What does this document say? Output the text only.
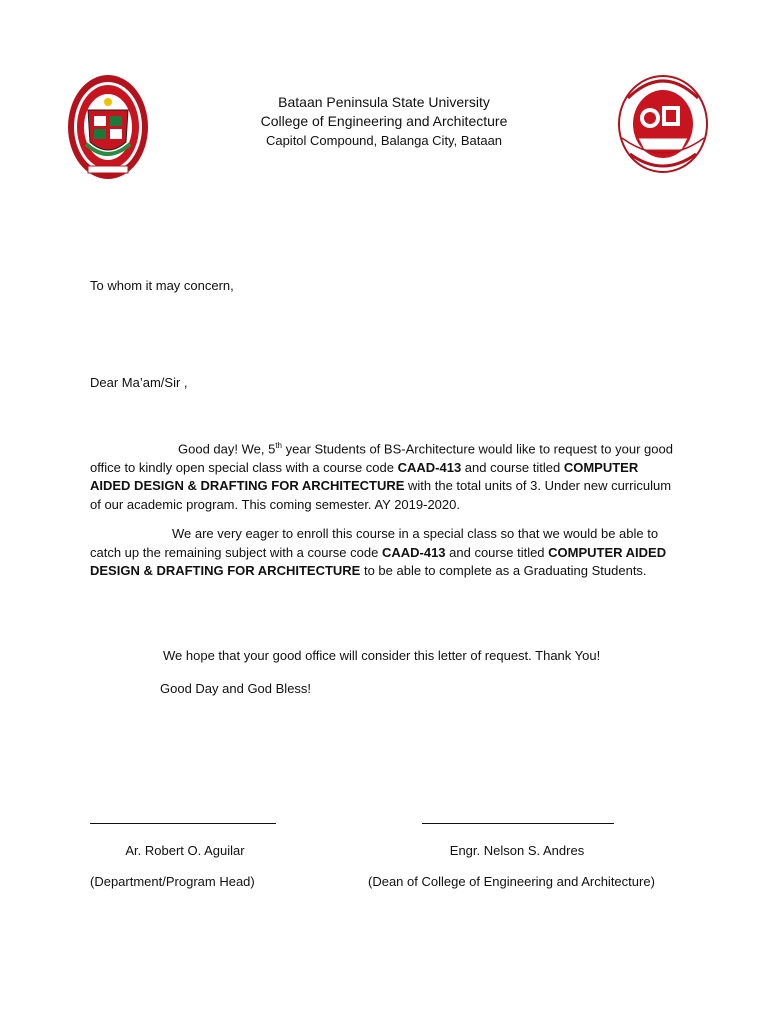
Bataan Peninsula State University
College of Engineering and Architecture
Capitol Compound, Balanga City, Bataan
To whom it may concern,
Dear Ma’am/Sir ,
Good day! We, 5th year Students of BS-Architecture would like to request to your good office to kindly open special class with a course code CAAD-413 and course titled COMPUTER AIDED DESIGN & DRAFTING FOR ARCHITECTURE with the total units of 3. Under new curriculum of our academic program. This coming semester. AY 2019-2020.
We are very eager to enroll this course in a special class so that we would be able to catch up the remaining subject with a course code CAAD-413 and course titled COMPUTER AIDED DESIGN & DRAFTING FOR ARCHITECTURE to be able to complete as a Graduating Students.
We hope that your good office will consider this letter of request. Thank You!
Good Day and God Bless!
Ar. Robert O. Aguilar
(Department/Program Head)
Engr. Nelson S. Andres
(Dean of College of Engineering and Architecture)
